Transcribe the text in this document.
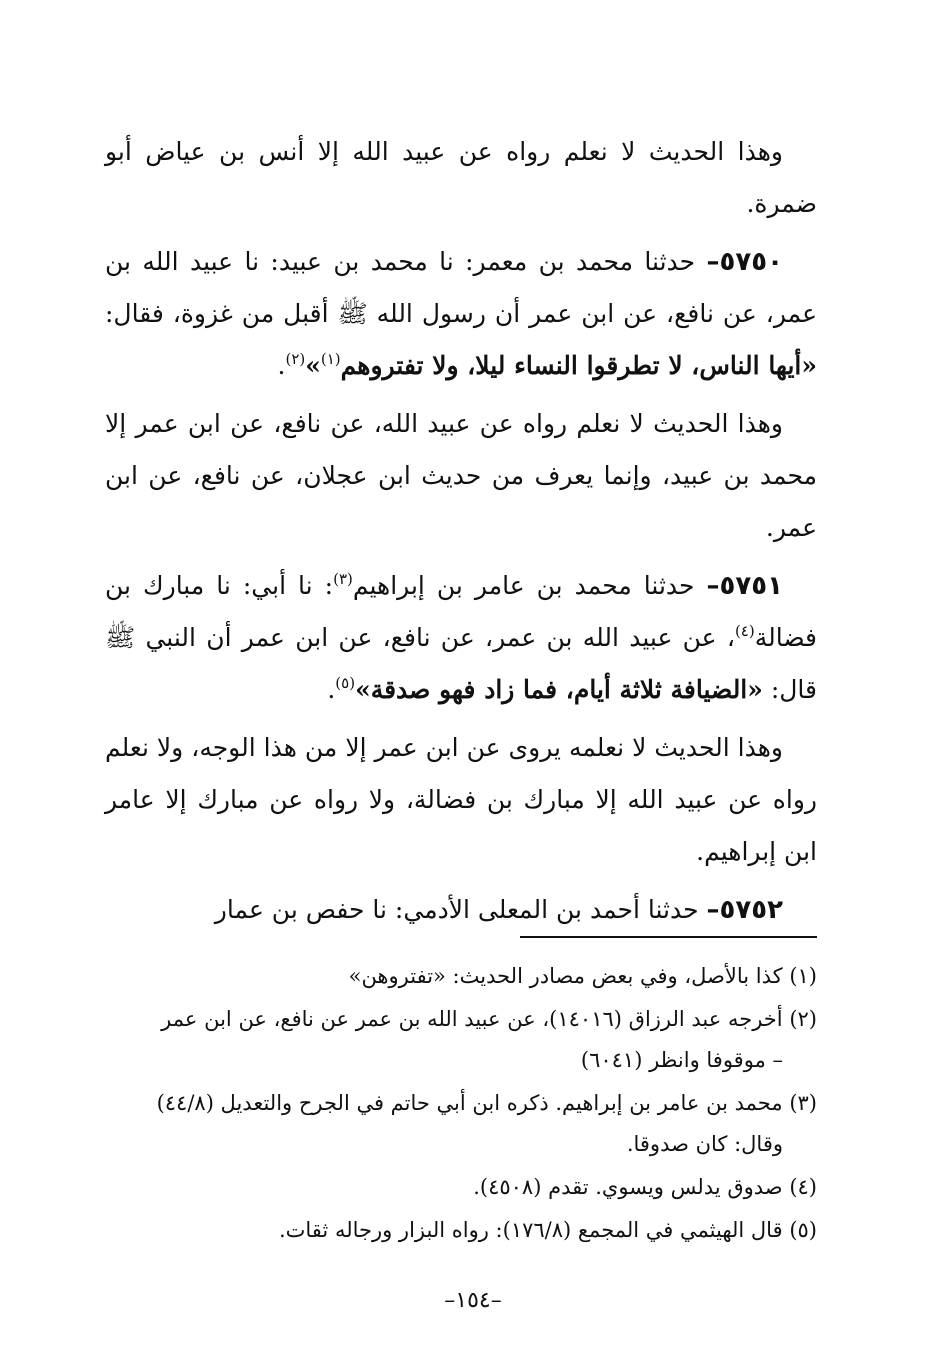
وهذا الحديث لا نعلم رواه عن عبيد الله إلا أنس بن عياض أبو ضمرة.

٥٧٥٠– حدثنا محمد بن معمر: نا محمد بن عبيد: نا عبيد الله بن عمر، عن نافع، عن ابن عمر أن رسول الله ﷺ أقبل من غزوة، فقال: «أيها الناس، لا تطرقوا النساء ليلا، ولا تفتروهم$^{(١)}$»$^{(٢)}$.

وهذا الحديث لا نعلم رواه عن عبيد الله، عن نافع، عن ابن عمر إلا محمد بن عبيد، وإنما يعرف من حديث ابن عجلان، عن نافع، عن ابن عمر.

٥٧٥١– حدثنا محمد بن عامر بن إبراهيم$^{(٣)}$: نا أبي: نا مبارك بن فضالة$^{(٤)}$، عن عبيد الله بن عمر، عن نافع، عن ابن عمر أن النبي ﷺ قال: «الضيافة ثلاثة أيام، فما زاد فهو صدقة»$^{(٥)}$.

وهذا الحديث لا نعلمه يروى عن ابن عمر إلا من هذا الوجه، ولا نعلم رواه عن عبيد الله إلا مبارك بن فضالة، ولا رواه عن مبارك إلا عامر ابن إبراهيم.

٥٧٥٢– حدثنا أحمد بن المعلى الأدمي: نا حفص بن عمار

(١) كذا بالأصل، وفي بعض مصادر الحديث: «تفتروهن»
(٢) أخرجه عبد الرزاق (١٤٠١٦)، عن عبيد الله بن عمر عن نافع، عن ابن عمر
– موقوفا وانظر (٦٠٤١)
(٣) محمد بن عامر بن إبراهيم. ذكره ابن أبي حاتم في الجرح والتعديل (٤٤/٨)
وقال: كان صدوقا.
(٤) صدوق يدلس ويسوي. تقدم (٤٥٠٨).
(٥) قال الهيثمي في المجمع (١٧٦/٨): رواه البزار ورجاله ثقات.
–١٥٤–
